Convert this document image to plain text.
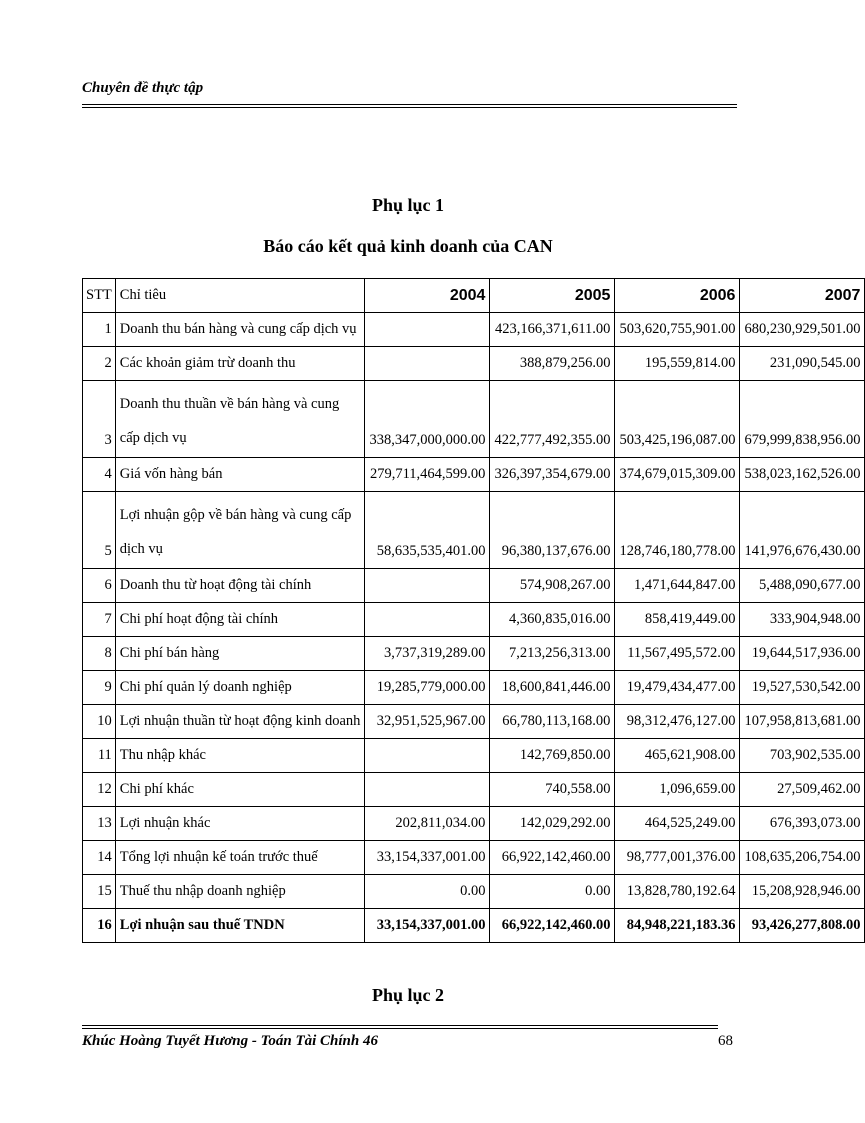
Chuyên đề thực tập
Phụ lục 1
Báo cáo kết quả kinh doanh của CAN
STT	Chỉ tiêu	2004	2005	2006	2007
1	Doanh thu bán hàng và cung cấp dịch vụ		423,166,371,611.00	503,620,755,901.00	680,230,929,501.00
2	Các khoản giảm trừ doanh thu		388,879,256.00	195,559,814.00	231,090,545.00
3	Doanh thu thuần về bán hàng và cung cấp dịch vụ	338,347,000,000.00	422,777,492,355.00	503,425,196,087.00	679,999,838,956.00
4	Giá vốn hàng bán	279,711,464,599.00	326,397,354,679.00	374,679,015,309.00	538,023,162,526.00
5	Lợi nhuận gộp về bán hàng và cung cấp dịch vụ	58,635,535,401.00	96,380,137,676.00	128,746,180,778.00	141,976,676,430.00
6	Doanh thu từ hoạt động tài chính		574,908,267.00	1,471,644,847.00	5,488,090,677.00
7	Chi phí hoạt động tài chính		4,360,835,016.00	858,419,449.00	333,904,948.00
8	Chi phí bán hàng	3,737,319,289.00	7,213,256,313.00	11,567,495,572.00	19,644,517,936.00
9	Chi phí quản lý doanh nghiệp	19,285,779,000.00	18,600,841,446.00	19,479,434,477.00	19,527,530,542.00
10	Lợi nhuận thuần từ hoạt động kinh doanh	32,951,525,967.00	66,780,113,168.00	98,312,476,127.00	107,958,813,681.00
11	Thu nhập khác		142,769,850.00	465,621,908.00	703,902,535.00
12	Chi phí khác		740,558.00	1,096,659.00	27,509,462.00
13	Lợi nhuận khác	202,811,034.00	142,029,292.00	464,525,249.00	676,393,073.00
14	Tổng lợi nhuận kế toán trước thuế	33,154,337,001.00	66,922,142,460.00	98,777,001,376.00	108,635,206,754.00
15	Thuế thu nhập doanh nghiệp	0.00	0.00	13,828,780,192.64	15,208,928,946.00
16	Lợi nhuận sau thuế TNDN	33,154,337,001.00	66,922,142,460.00	84,948,221,183.36	93,426,277,808.00
Phụ lục 2
Khúc Hoàng Tuyết Hương - Toán Tài Chính 46	68
